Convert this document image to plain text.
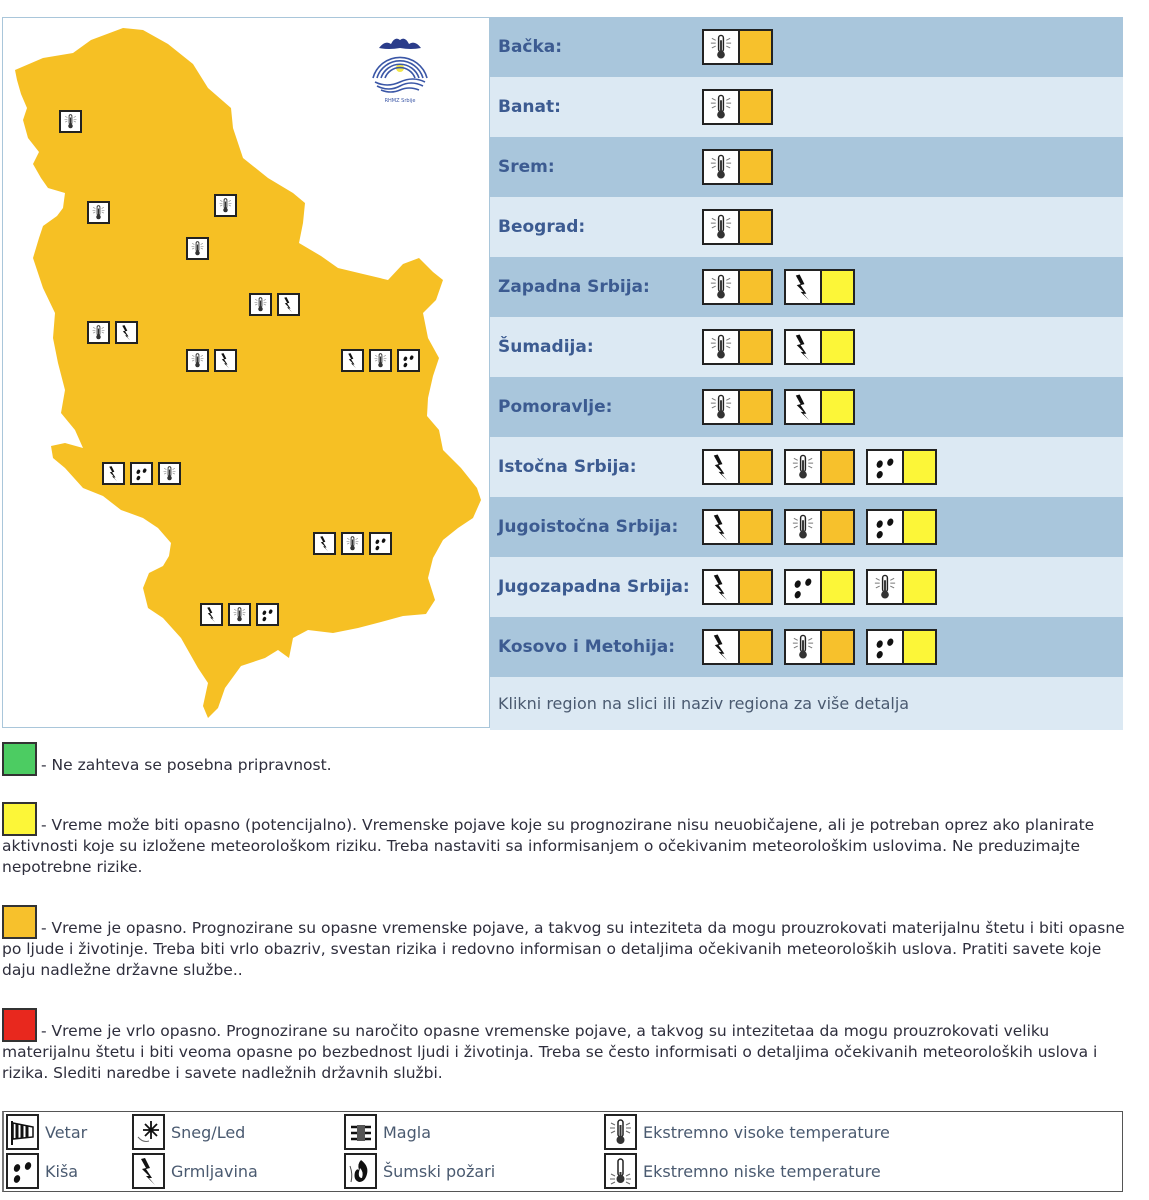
RHMZ Srbije
Bačka:
Banat:
Srem:
Beograd:
Zapadna Srbija:
Šumadija:
Pomoravlje:
Istočna Srbija:
Jugoistočna Srbija:
Jugozapadna Srbija:
Kosovo i Metohija:
Klikni region na slici ili naziv regiona za više detalja
- Ne zahteva se posebna pripravnost.
- Vreme može biti opasno (potencijalno). Vremenske pojave koje su prognozirane nisu neuobičajene, ali je potreban oprez ako planirate aktivnosti koje su izložene meteorološkom riziku. Treba nastaviti sa informisanjem o očekivanim meteorološkim uslovima. Ne preduzimajte nepotrebne rizike.
- Vreme je opasno. Prognozirane su opasne vremenske pojave, a takvog su inteziteta da mogu prouzrokovati materijalnu štetu i biti opasne po ljude i životinje. Treba biti vrlo obazriv, svestan rizika i redovno informisan o detaljima očekivanih meteoroloških uslova. Pratiti savete koje daju nadležne državne službe..
- Vreme je vrlo opasno. Prognozirane su naročito opasne vremenske pojave, a takvog su intezitetaa da mogu prouzrokovati veliku materijalnu štetu i biti veoma opasne po bezbednost ljudi i životinja. Treba se često informisati o detaljima očekivanih meteoroloških uslova i rizika. Slediti naredbe i savete nadležnih državnih službi.
Vetar	Sneg/Led	Magla	Ekstremno visoke temperature
Kiša	Grmljavina	Šumski požari	Ekstremno niske temperature
